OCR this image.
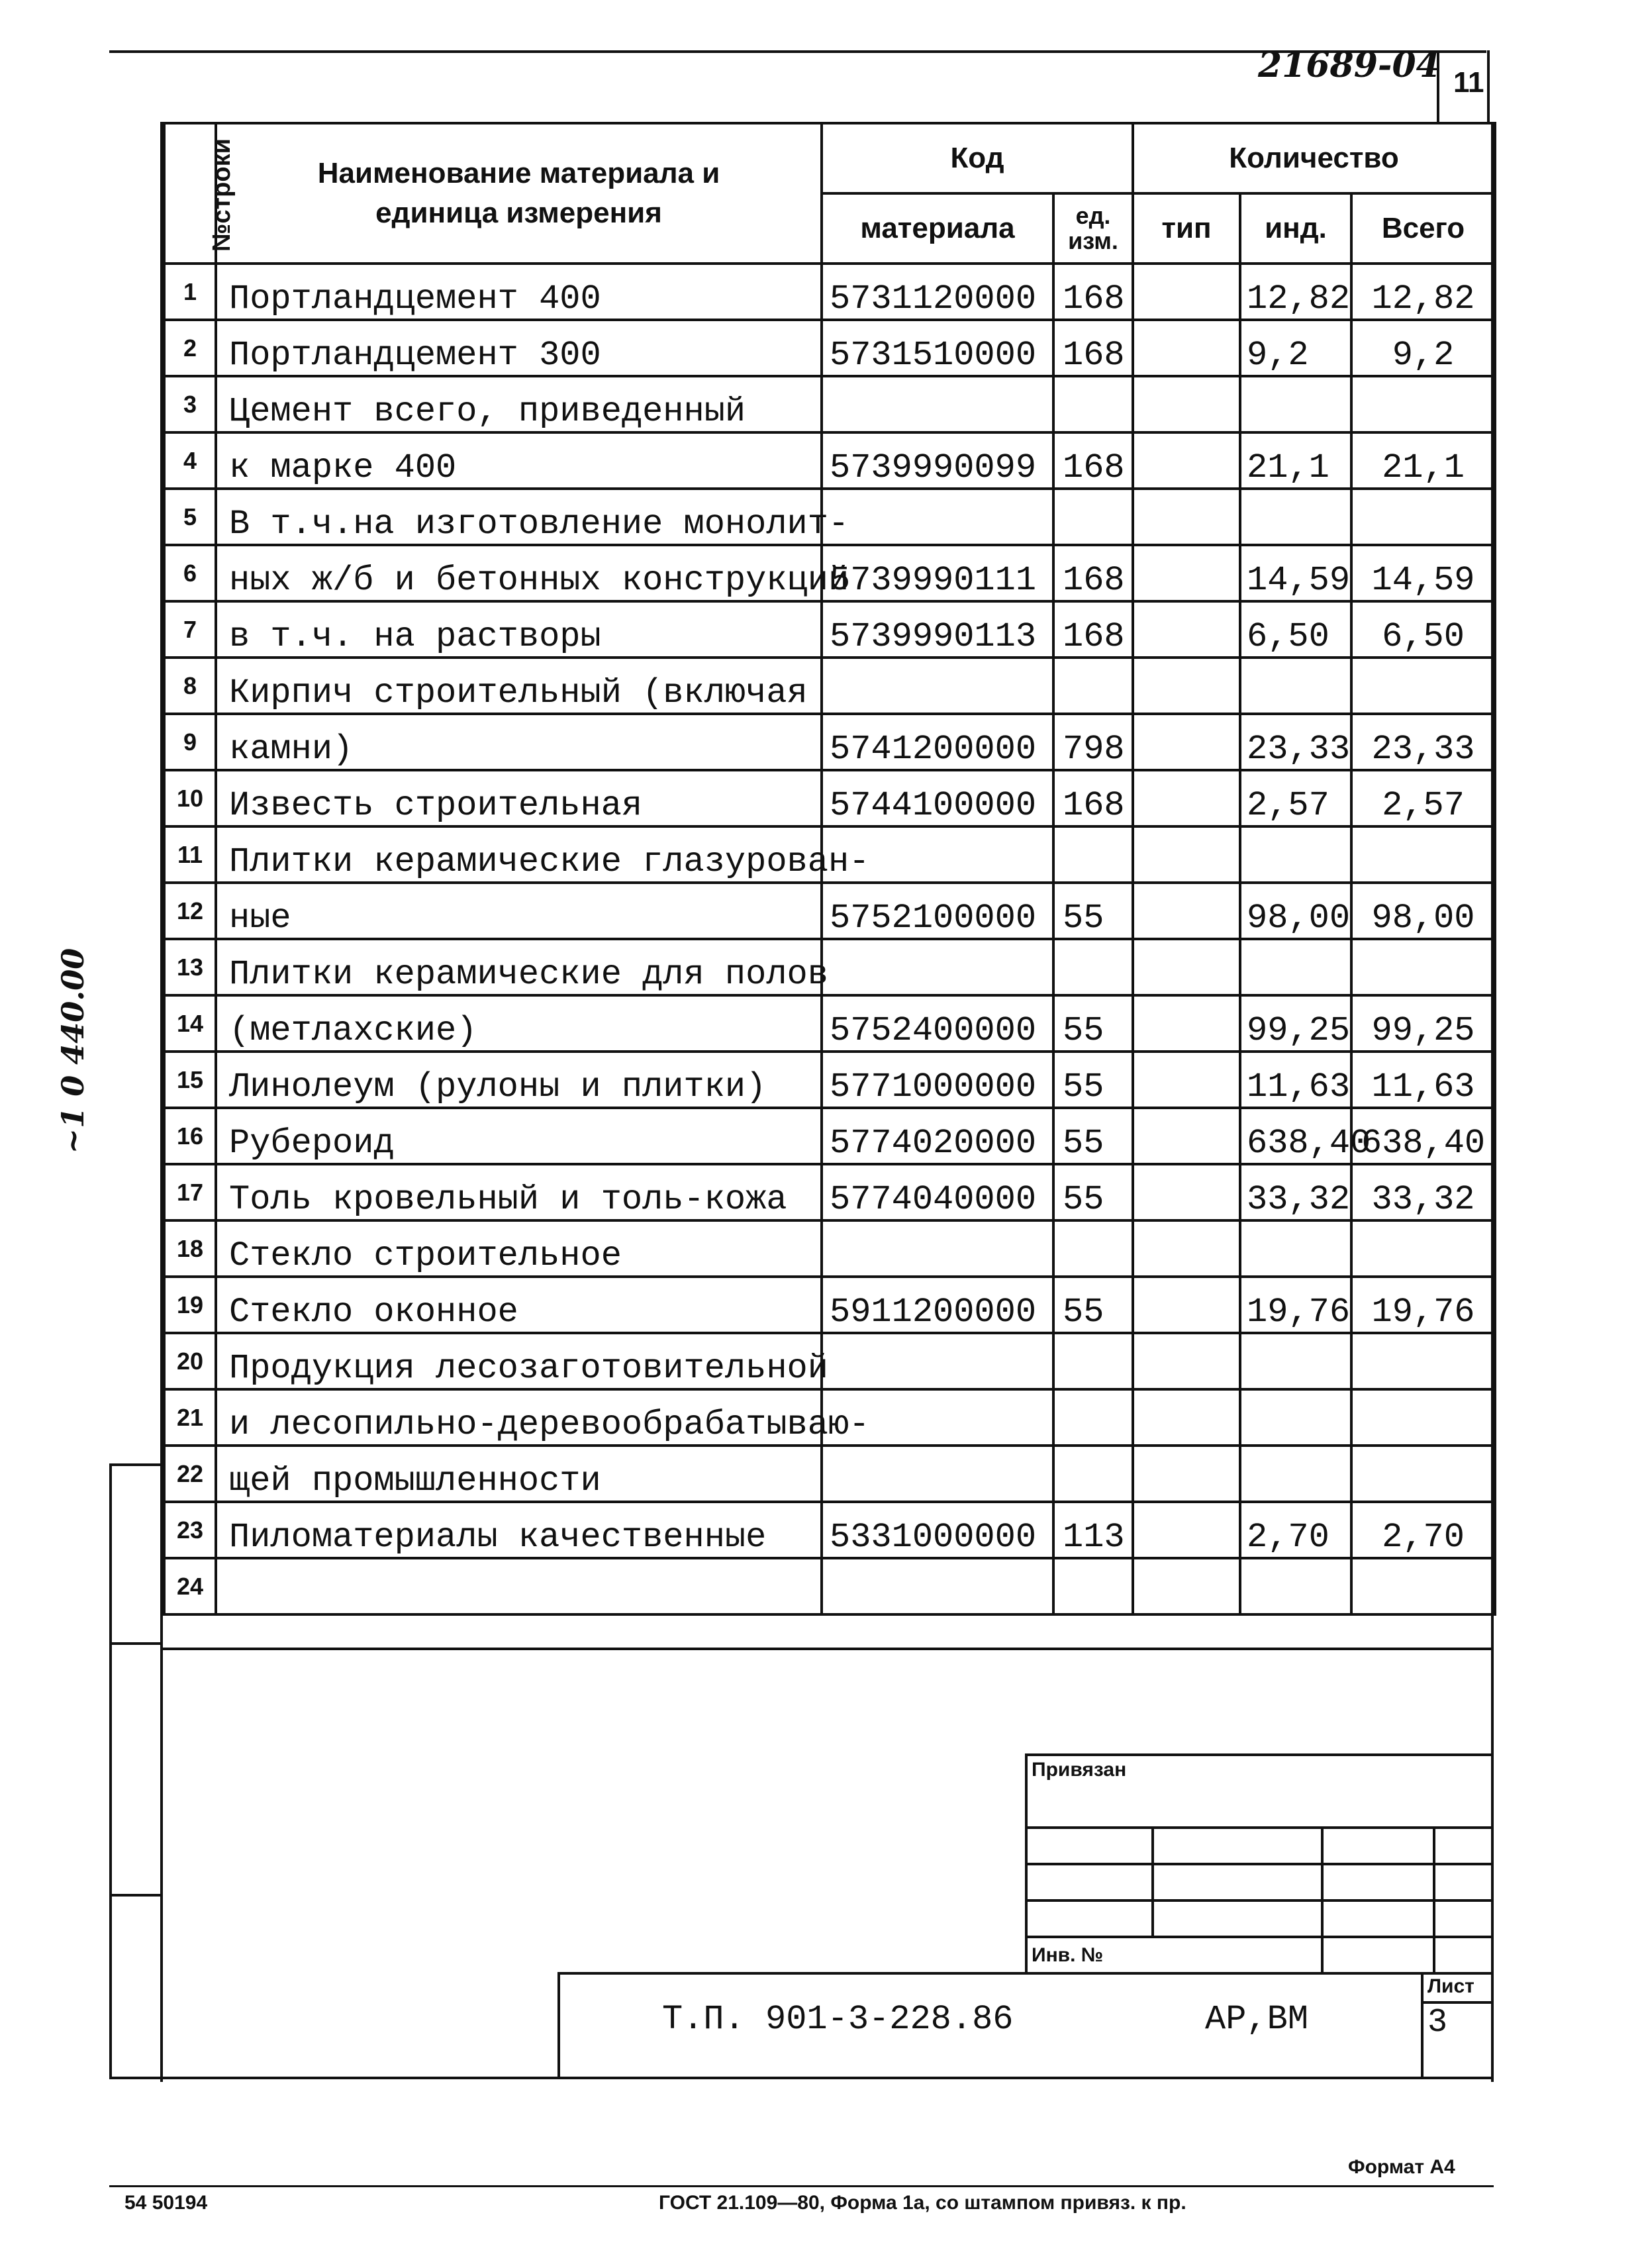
21689-04 11
~1 0 440.00
№строки	Наименование материала и единица измерения	Код		Количество		
		материала	ед. изм.	тип	инд.	Всего
1	Портландцемент 400	5731120000	168		12,82	12,82
2	Портландцемент 300	5731510000	168		9,2	9,2
3	Цемент всего, приведенный					
4	к марке 400	5739990099	168		21,1	21,1
5	В т.ч.на изготовление монолит-					
6	ных ж/б и бетонных конструкций	5739990111	168		14,59	14,59
7	в т.ч. на растворы	5739990113	168		6,50	6,50
8	Кирпич строительный (включая					
9	камни)	5741200000	798		23,33	23,33
10	Известь строительная	5744100000	168		2,57	2,57
11	Плитки керамические глазурован-					
12	ные	5752100000	55		98,00	98,00
13	Плитки керамические для полов					
14	(метлахские)	5752400000	55		99,25	99,25
15	Линолеум (рулоны и плитки)	5771000000	55		11,63	11,63
16	Рубероид	5774020000	55		638,40	638,40
17	Толь кровельный и толь-кожа	5774040000	55		33,32	33,32
18	Стекло строительное					
19	Стекло оконное	5911200000	55		19,76	19,76
20	Продукция лесозаготовительной					
21	и лесопильно-деревообрабатываю-					
22	щей промышленности					
23	Пиломатериалы качественные	5331000000	113		2,70	2,70
24						
Привязан			

Инв. №			
Т.П. 901-3-228.86	АР,ВМ
Лист
3
Формат А4
54 50194	ГОСТ 21.109—80, Форма 1а, со штампом привяз. к пр.
